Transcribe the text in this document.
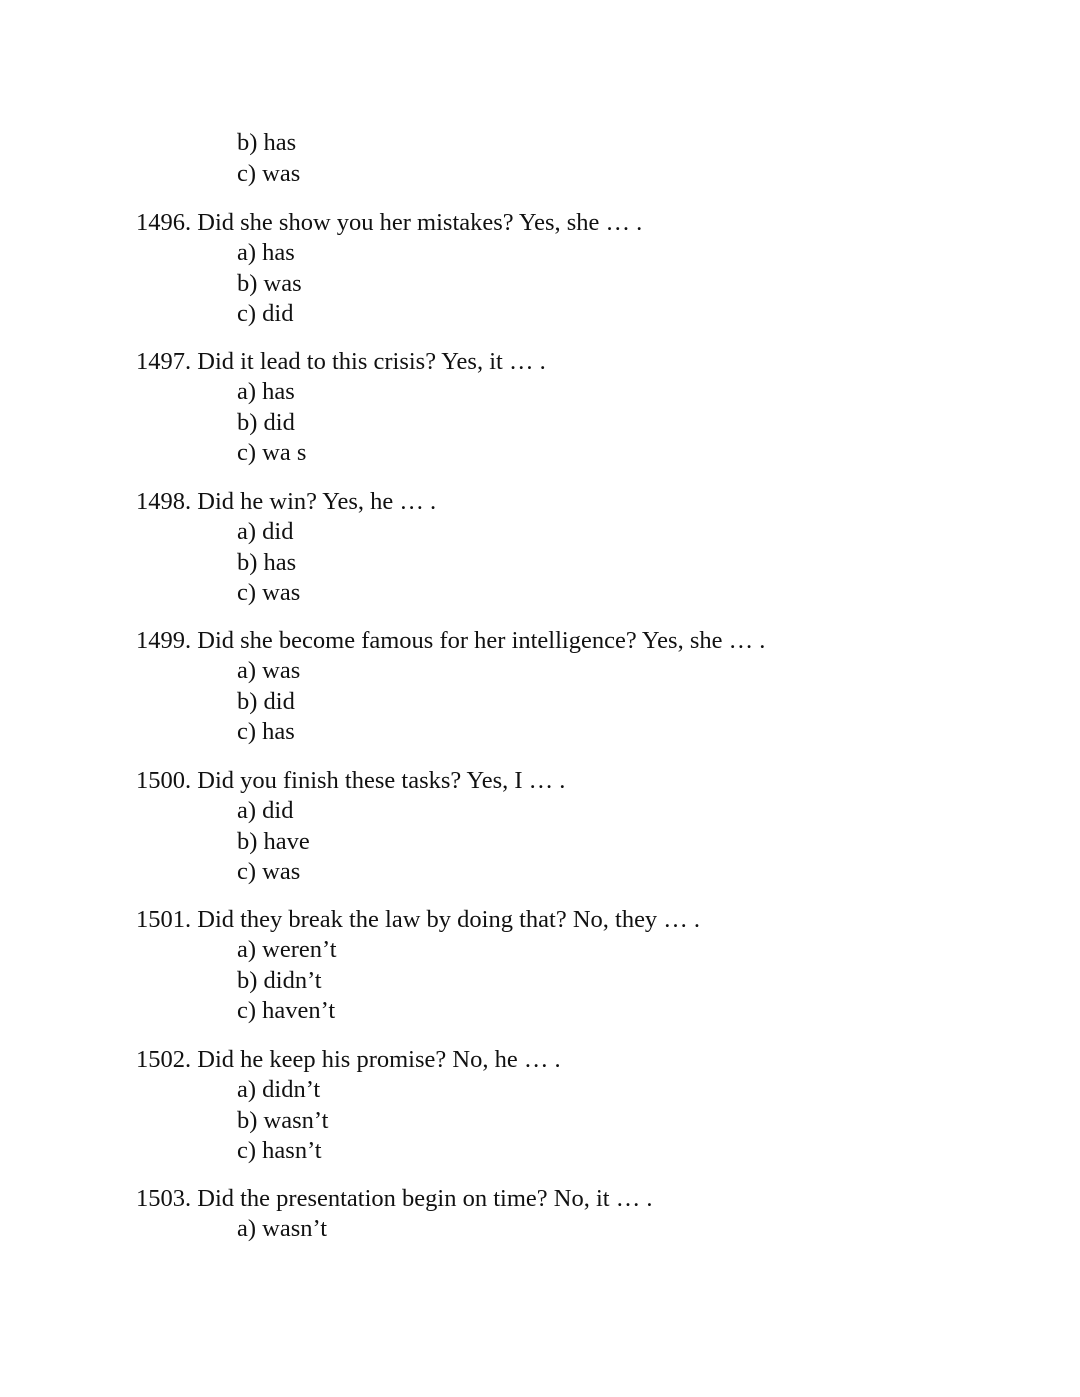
b) has
c) was
1496. Did she show you her mistakes? Yes, she … .
a) has
b) was
c) did
1497. Did it lead to this crisis? Yes, it … .
a) has
b) did
c) wa s
1498. Did he win? Yes, he … .
a) did
b) has
c) was
1499. Did she become famous for her intelligence? Yes, she … .
a) was
b) did
c) has
1500. Did you finish these tasks? Yes, I … .
a) did
b) have
c) was
1501. Did they break the law by doing that? No, they … .
a) weren’t
b) didn’t
c) haven’t
1502. Did he keep his promise? No, he … .
a) didn’t
b) wasn’t
c) hasn’t
1503. Did the presentation begin on time? No, it … .
a) wasn’t
